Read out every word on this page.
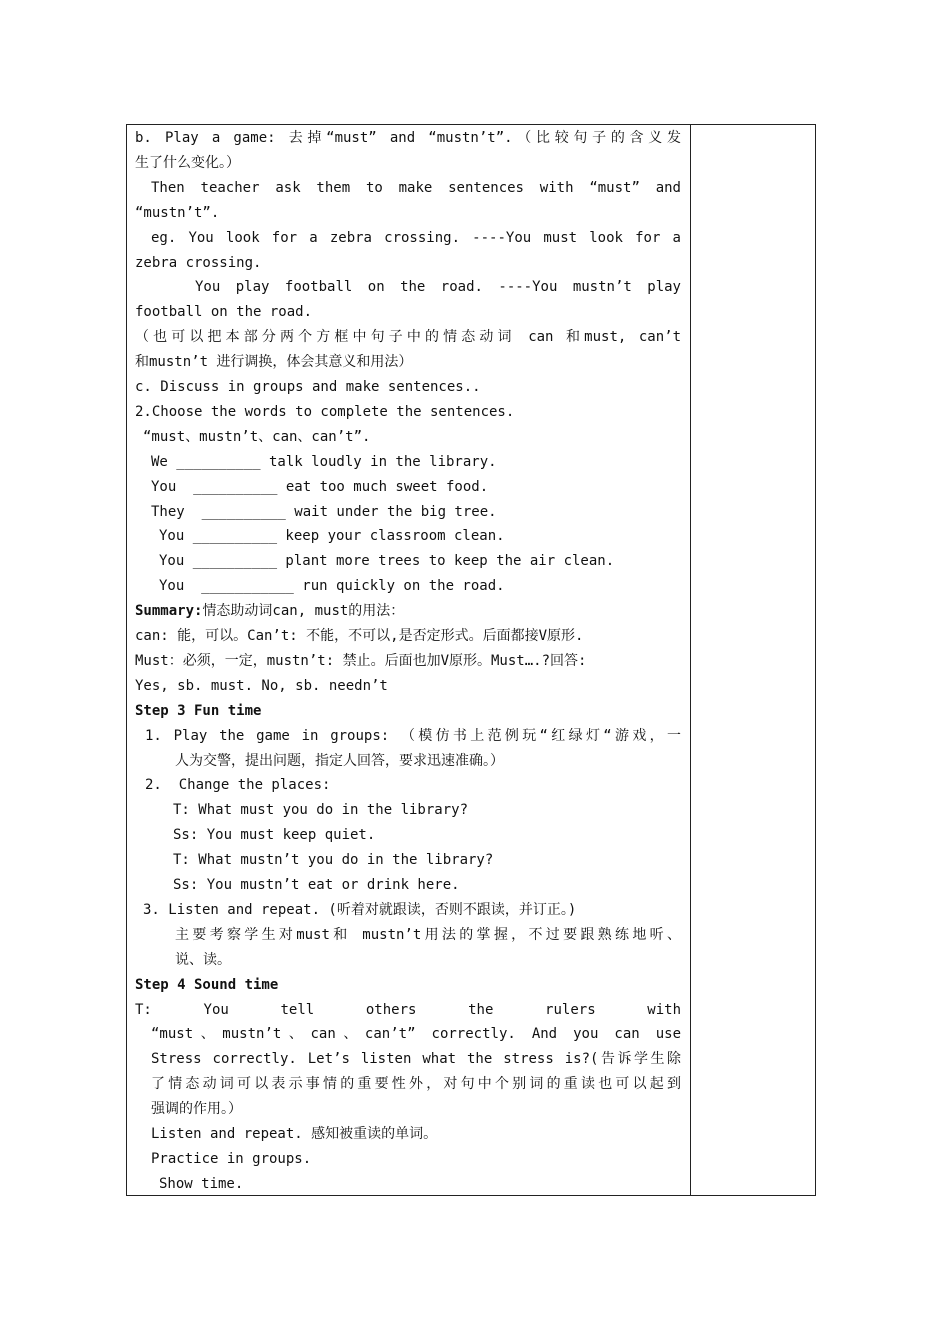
b. Play a game: 去掉“must” and “mustn’t”.（比较句子的含义发
生了什么变化。）
Then teacher ask them to make sentences with “must” and
“mustn’t”.
eg. You look for a zebra crossing. ----You must look for a
zebra crossing.
You play football on the road. ----You mustn’t play
football on the road.
（也可以把本部分两个方框中句子中的情态动词 can 和must, can’t
和mustn’t 进行调换，体会其意义和用法）
c. Discuss in groups and make sentences..
2.Choose the words to complete the sentences.
“must、mustn’t、can、can’t”.
We __________ talk loudly in the library.
You  __________ eat too much sweet food.
They  __________ wait under the big tree.
You __________ keep your classroom clean.
You __________ plant more trees to keep the air clean.
You  ___________ run quickly on the road.
Summary:情态助动词can, must的用法：
can: 能，可以。Can’t: 不能，不可以,是否定形式。后面都接V原形.
Must：必须，一定，mustn’t: 禁止。后面也加V原形。Must….?回答:
Yes, sb. must. No, sb. needn’t
Step 3 Fun time
1. Play the game in groups: （模仿书上范例玩“红绿灯“游戏，一
人为交警，提出问题，指定人回答，要求迅速准确。）
2.  Change the places:
T: What must you do in the library?
Ss: You must keep quiet.
T: What mustn’t you do in the library?
Ss: You mustn’t eat or drink here.
3. Listen and repeat. (听着对就跟读，否则不跟读，并订正。)
主要考察学生对must和 mustn’t用法的掌握，不过要跟熟练地听、
说、读。
Step 4 Sound time
T: You tell others the rulers with
“must、mustn’t、can、can’t” correctly. And you can use
Stress correctly. Let’s listen what the stress is?(告诉学生除
了情态动词可以表示事情的重要性外，对句中个别词的重读也可以起到
强调的作用。）
Listen and repeat. 感知被重读的单词。
Practice in groups.
Show time.
